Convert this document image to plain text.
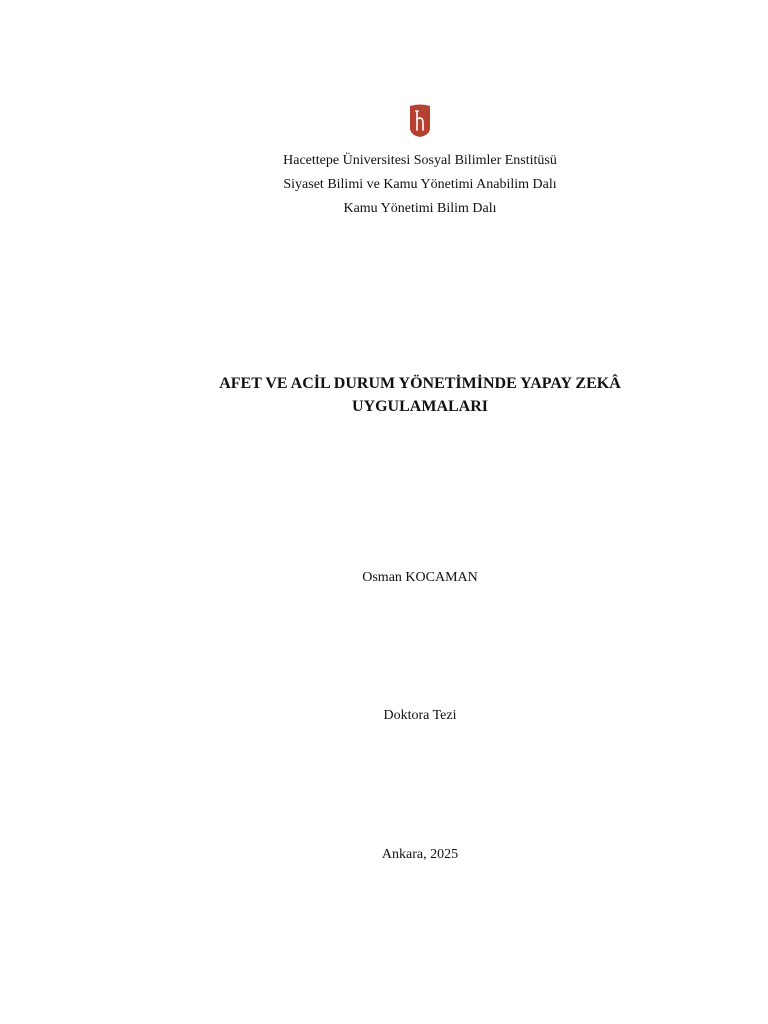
Hacettepe Üniversitesi Sosyal Bilimler Enstitüsü
Siyaset Bilimi ve Kamu Yönetimi Anabilim Dalı
Kamu Yönetimi Bilim Dalı
AFET VE ACİL DURUM YÖNETİMİNDE YAPAY ZEKÂ
UYGULAMALARI
Osman KOCAMAN
Doktora Tezi
Ankara, 2025
